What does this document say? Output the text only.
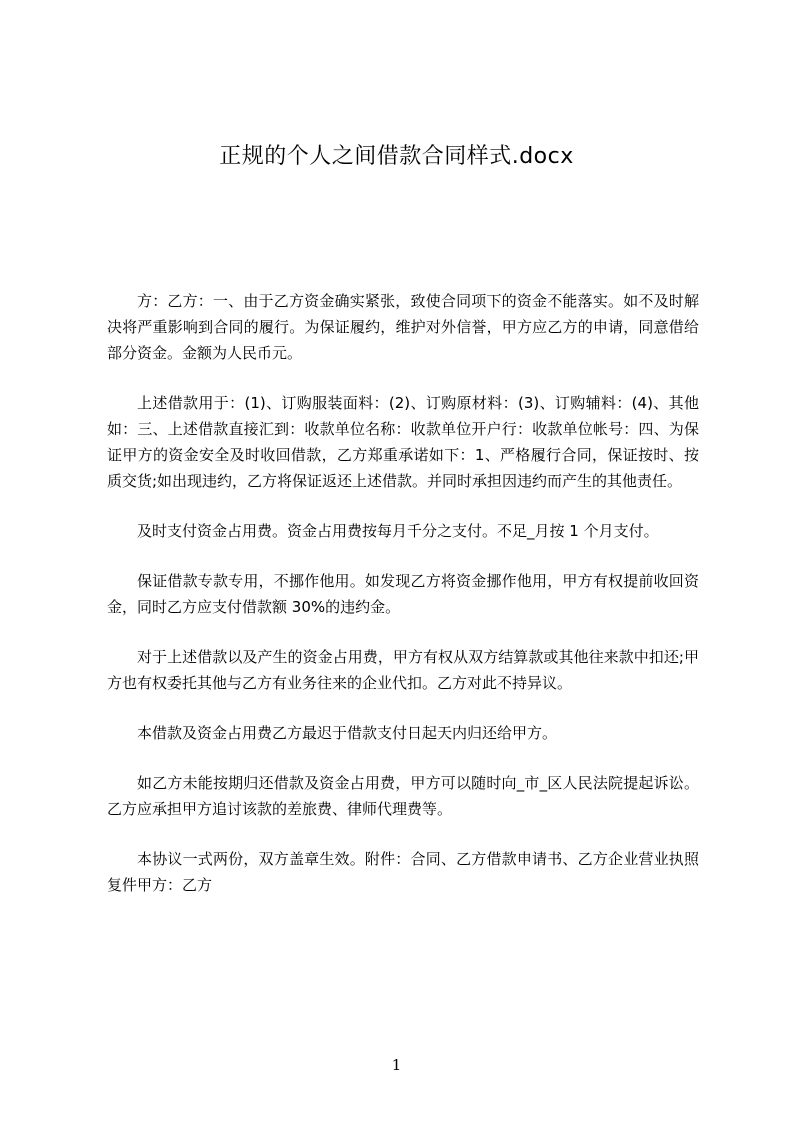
正规的个人之间借款合同样式.docx

方：乙方：一、由于乙方资金确实紧张，致使合同项下的资金不能落实。如不及时解决将严重影响到合同的履行。为保证履约，维护对外信誉，甲方应乙方的申请，同意借给部分资金。金额为人民币元。

上述借款用于：(1)、订购服装面料：(2)、订购原材料：(3)、订购辅料：(4)、其他如：三、上述借款直接汇到：收款单位名称：收款单位开户行：收款单位帐号：四、为保证甲方的资金安全及时收回借款，乙方郑重承诺如下：1、严格履行合同，保证按时、按质交货;如出现违约，乙方将保证返还上述借款。并同时承担因违约而产生的其他责任。

及时支付资金占用费。资金占用费按每月千分之支付。不足_月按 1 个月支付。

保证借款专款专用，不挪作他用。如发现乙方将资金挪作他用，甲方有权提前收回资金，同时乙方应支付借款额 30%的违约金。

对于上述借款以及产生的资金占用费，甲方有权从双方结算款或其他往来款中扣还;甲方也有权委托其他与乙方有业务往来的企业代扣。乙方对此不持异议。

本借款及资金占用费乙方最迟于借款支付日起天内归还给甲方。

如乙方未能按期归还借款及资金占用费，甲方可以随时向_市_区人民法院提起诉讼。乙方应承担甲方追讨该款的差旅费、律师代理费等。

本协议一式两份，双方盖章生效。附件：合同、乙方借款申请书、乙方企业营业执照复件甲方：乙方

1
